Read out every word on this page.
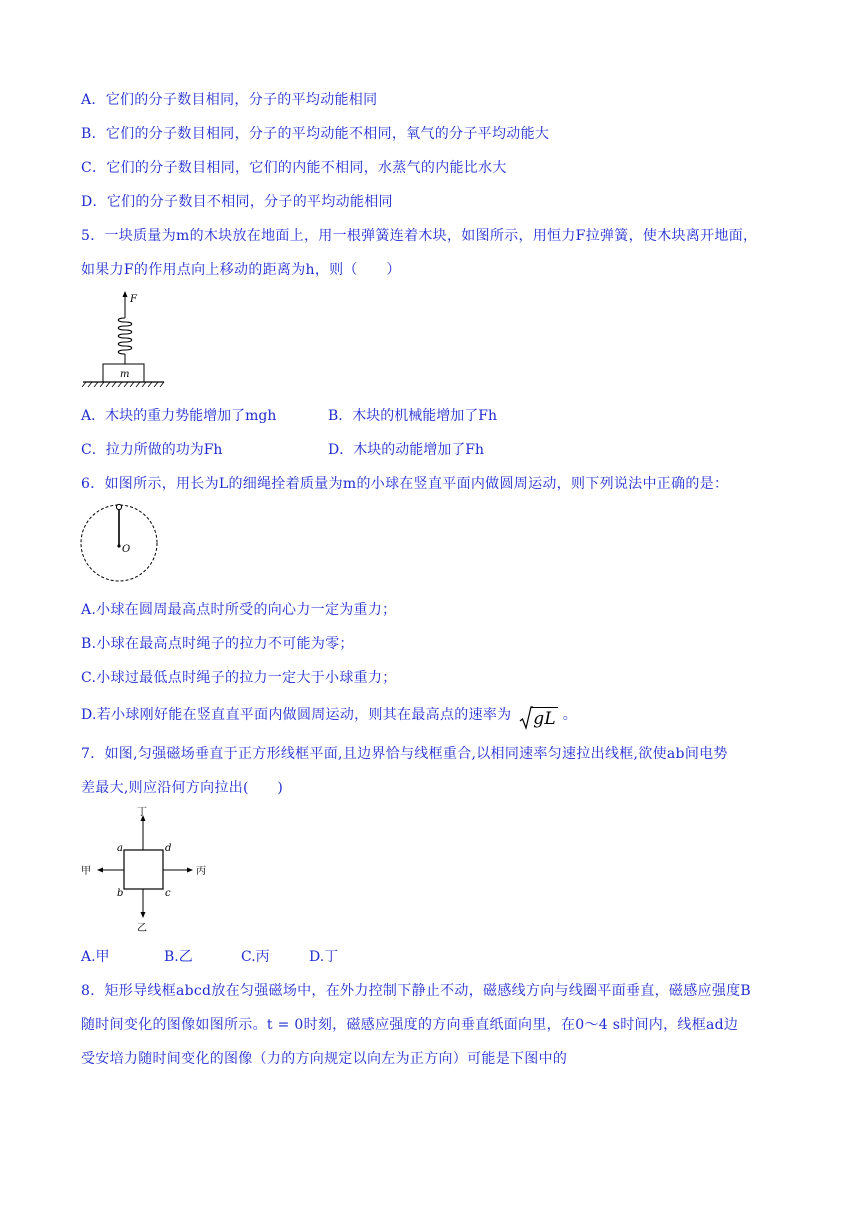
A．它们的分子数目相同，分子的平均动能相同
B．它们的分子数目相同，分子的平均动能不相同，氧气的分子平均动能大
C．它们的分子数目相同，它们的内能不相同，水蒸气的内能比水大
D．它们的分子数目不相同，分子的平均动能相同
5．一块质量为m的木块放在地面上，用一根弹簧连着木块，如图所示，用恒力F拉弹簧，使木块离开地面，
如果力F的作用点向上移动的距离为h，则（　　）
F
m
A．木块的重力势能增加了mgh	B．木块的机械能增加了Fh
C．拉力所做的功为Fh	D．木块的动能增加了Fh
6．如图所示，用长为L的细绳拴着质量为m的小球在竖直平面内做圆周运动，则下列说法中正确的是：
O
A.小球在圆周最高点时所受的向心力一定为重力；
B.小球在最高点时绳子的拉力不可能为零；
C.小球过最低点时绳子的拉力一定大于小球重力；
D.若小球刚好能在竖直直平面内做圆周运动，则其在最高点的速率为 gL 。
7．如图,匀强磁场垂直于正方形线框平面,且边界恰与线框重合,以相同速率匀速拉出线框,欲使ab间电势
差最大,则应沿何方向拉出(　　)
丁
乙
甲	丙
a	d
b	c
A.甲	B.乙	C.丙	D.丁
8．矩形导线框abcd放在匀强磁场中，在外力控制下静止不动，磁感线方向与线圈平面垂直，磁感应强度B
随时间变化的图像如图所示。t = 0时刻，磁感应强度的方向垂直纸面向里，在0～4 s时间内，线框ad边
受安培力随时间变化的图像（力的方向规定以向左为正方向）可能是下图中的
